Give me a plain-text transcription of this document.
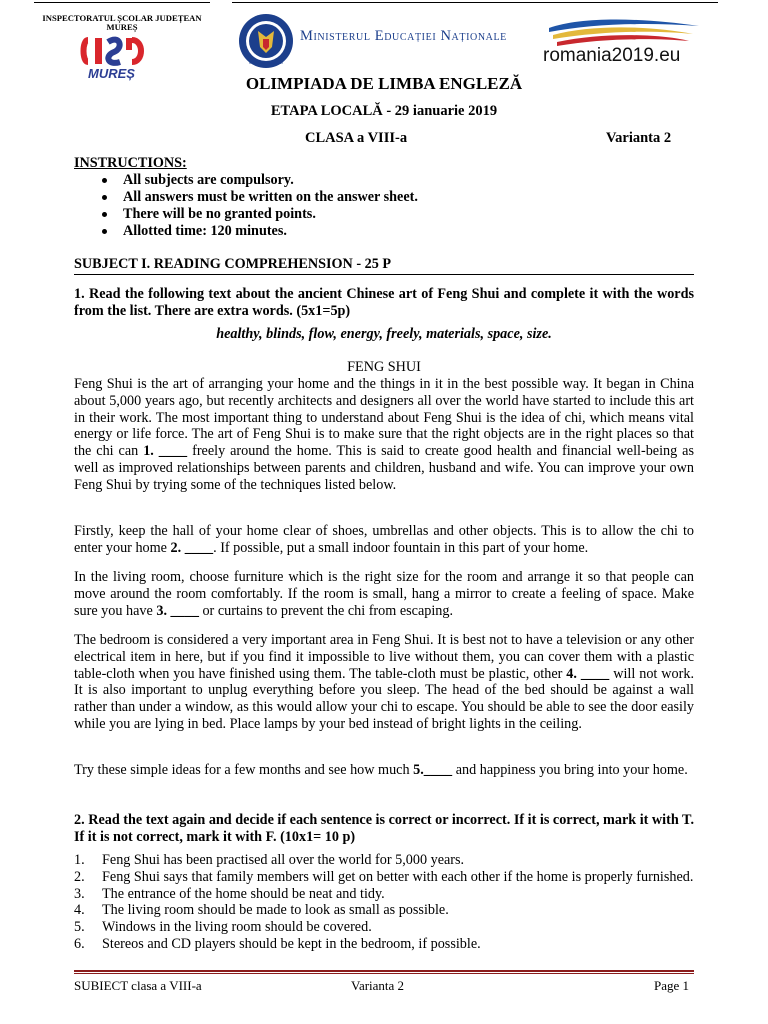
INSPECTORATUL ȘCOLAR JUDEȚEAN MUREȘ
MUREȘ
GUVERNUL ROMÂNIEI
Ministerul Educației Naționale
romania2019.eu
OLIMPIADA DE LIMBA ENGLEZĂ
ETAPA LOCALĂ - 29 ianuarie 2019
CLASA a VIII-a	Varianta 2
INSTRUCTIONS:
All subjects are compulsory.
All answers must be written on the answer sheet.
There will be no granted points.
Allotted time: 120 minutes.
SUBJECT I. READING COMPREHENSION - 25 P
1. Read the following text about the ancient Chinese art of Feng Shui and complete it with the words from the list. There are extra words. (5x1=5p)
healthy, blinds, flow, energy, freely, materials, space, size.
FENG SHUI
Feng Shui is the art of arranging your home and the things in it in the best possible way. It began in China about 5,000 years ago, but recently architects and designers all over the world have started to include this art in their work. The most important thing to understand about Feng Shui is the idea of chi, which means vital energy or life force. The art of Feng Shui is to make sure that the right objects are in the right places so that the chi can 1. ____ freely around the home. This is said to create good health and financial well-being as well as improved relationships between parents and children, husband and wife. You can improve your own Feng Shui by trying some of the techniques listed below.
Firstly, keep the hall of your home clear of shoes, umbrellas and other objects. This is to allow the chi to enter your home 2. ____. If possible, put a small indoor fountain in this part of your home.
In the living room, choose furniture which is the right size for the room and arrange it so that people can move around the room comfortably. If the room is small, hang a mirror to create a feeling of space. Make sure you have 3. ____ or curtains to prevent the chi from escaping.
The bedroom is considered a very important area in Feng Shui. It is best not to have a television or any other electrical item in here, but if you find it impossible to live without them, you can cover them with a plastic table-cloth when you have finished using them. The table-cloth must be plastic, other 4. ____ will not work. It is also important to unplug everything before you sleep. The head of the bed should be against a wall rather than under a window, as this would allow your chi to escape. You should be able to see the door easily while you are lying in bed. Place lamps by your bed instead of bright lights in the ceiling.
Try these simple ideas for a few months and see how much 5.____ and happiness you bring into your home.
2. Read the text again and decide if each sentence is correct or incorrect. If it is correct, mark it with T. If it is not correct, mark it with F. (10x1= 10 p)
1. Feng Shui has been practised all over the world for 5,000 years.
2. Feng Shui says that family members will get on better with each other if the home is properly furnished.
3. The entrance of the home should be neat and tidy.
4. The living room should be made to look as small as possible.
5. Windows in the living room should be covered.
6. Stereos and CD players should be kept in the bedroom, if possible.
SUBIECT clasa a VIII-a	Varianta 2	Page 1
